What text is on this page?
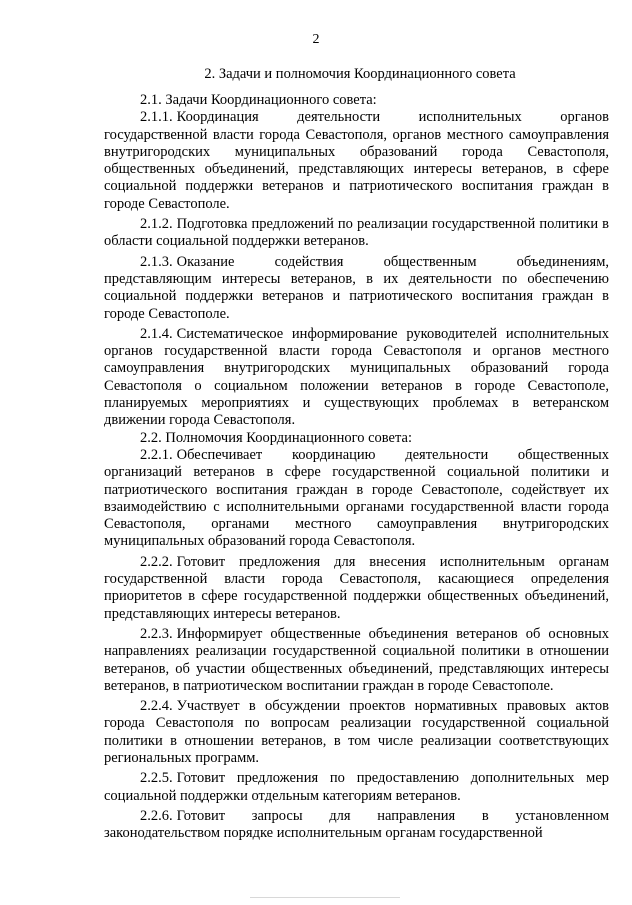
2
2. Задачи и полномочия Координационного совета

2.1. Задачи Координационного совета:

2.1.1. Координация деятельности исполнительных органов государственной власти города Севастополя, органов местного самоуправления внутригородских муниципальных образований города Севастополя, общественных объединений, представляющих интересы ветеранов, в сфере социальной поддержки ветеранов и патриотического воспитания граждан в городе Севастополе.

2.1.2. Подготовка предложений по реализации государственной политики в области социальной поддержки ветеранов.

2.1.3. Оказание содействия общественным объединениям, представляющим интересы ветеранов, в их деятельности по обеспечению социальной поддержки ветеранов и патриотического воспитания граждан в городе Севастополе.

2.1.4. Систематическое информирование руководителей исполнительных органов государственной власти города Севастополя и органов местного самоуправления внутригородских муниципальных образований города Севастополя о социальном положении ветеранов в городе Севастополе, планируемых мероприятиях и существующих проблемах в ветеранском движении города Севастополя.

2.2. Полномочия Координационного совета:

2.2.1. Обеспечивает координацию деятельности общественных организаций ветеранов в сфере государственной социальной политики и патриотического воспитания граждан в городе Севастополе, содействует их взаимодействию с исполнительными органами государственной власти города Севастополя, органами местного самоуправления внутригородских муниципальных образований города Севастополя.

2.2.2. Готовит предложения для внесения исполнительным органам государственной власти города Севастополя, касающиеся определения приоритетов в сфере государственной поддержки общественных объединений, представляющих интересы ветеранов.

2.2.3. Информирует общественные объединения ветеранов об основных направлениях реализации государственной социальной политики в отношении ветеранов, об участии общественных объединений, представляющих интересы ветеранов, в патриотическом воспитании граждан в городе Севастополе.

2.2.4. Участвует в обсуждении проектов нормативных правовых актов города Севастополя по вопросам реализации государственной социальной политики в отношении ветеранов, в том числе реализации соответствующих региональных программ.

2.2.5. Готовит предложения по предоставлению дополнительных мер социальной поддержки отдельным категориям ветеранов.

2.2.6. Готовит запросы для направления в установленном законодательством порядке исполнительным органам государственной
